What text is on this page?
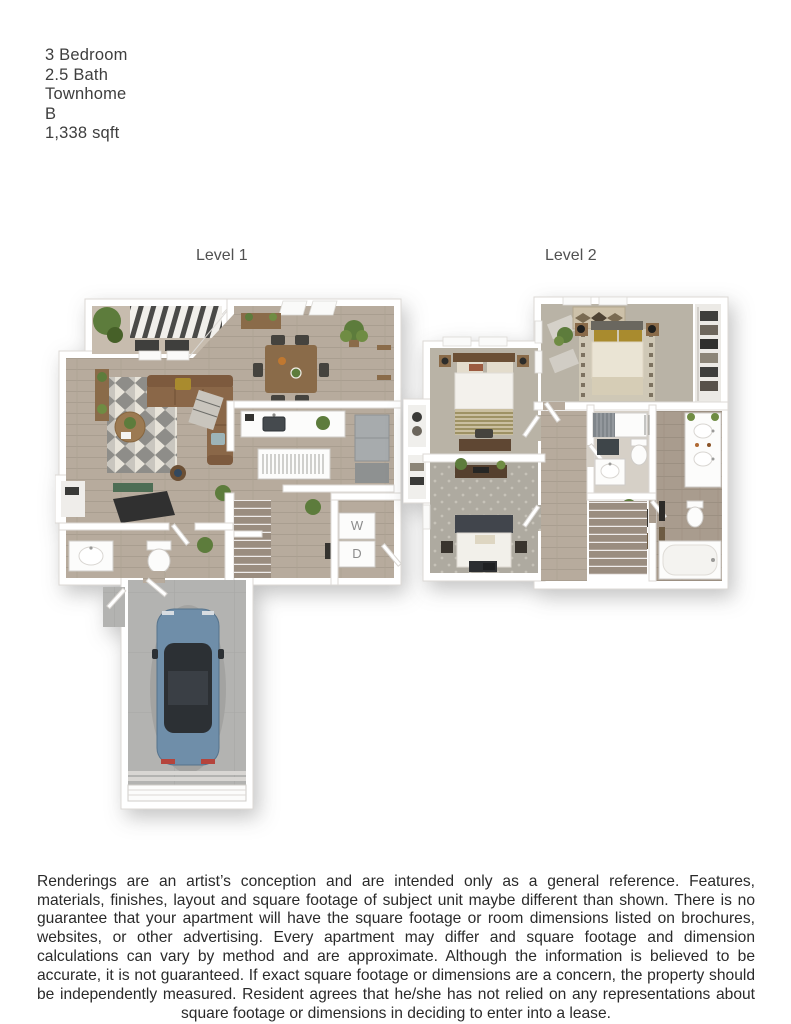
3 Bedroom
2.5 Bath
Townhome
B
1,338 sqft
Level 1	Level 2
W
D

Renderings are an artist’s conception and are intended only as a general reference. Features, materials, finishes, layout and square footage of subject unit maybe different than shown. There is no guarantee that your apartment will have the square footage or room dimensions listed on brochures, websites, or other advertising. Every apartment may differ and square footage and dimension calculations can vary by method and are approximate. Although the information is believed to be accurate, it is not guaranteed. If exact square footage or dimensions are a concern, the property should be independently measured. Resident agrees that he/she has not relied on any representations about square footage or dimensions in deciding to enter into a lease.
